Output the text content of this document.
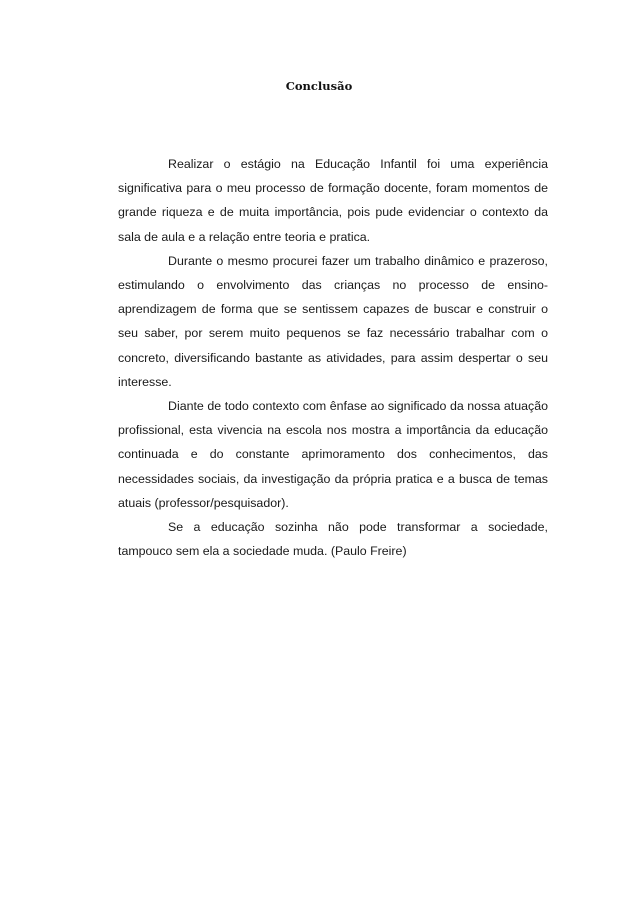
Conclusão

Realizar o estágio na Educação Infantil foi uma experiência significativa para o meu processo de formação docente, foram momentos de grande riqueza e de muita importância, pois pude evidenciar o contexto da sala de aula e a relação entre teoria e pratica.

Durante o mesmo procurei fazer um trabalho dinâmico e prazeroso, estimulando o envolvimento das crianças no processo de ensino- aprendizagem de forma que se sentissem capazes de buscar e construir o seu saber, por serem muito pequenos se faz necessário trabalhar com o concreto, diversificando bastante as atividades, para assim despertar o seu interesse.

Diante de todo contexto com ênfase ao significado da nossa atuação profissional, esta vivencia na escola nos mostra a importância da educação continuada e do constante aprimoramento dos conhecimentos, das necessidades sociais, da investigação da própria pratica e a busca de temas atuais (professor/pesquisador).

Se a educação sozinha não pode transformar a sociedade, tampouco sem ela a sociedade muda. (Paulo Freire)
